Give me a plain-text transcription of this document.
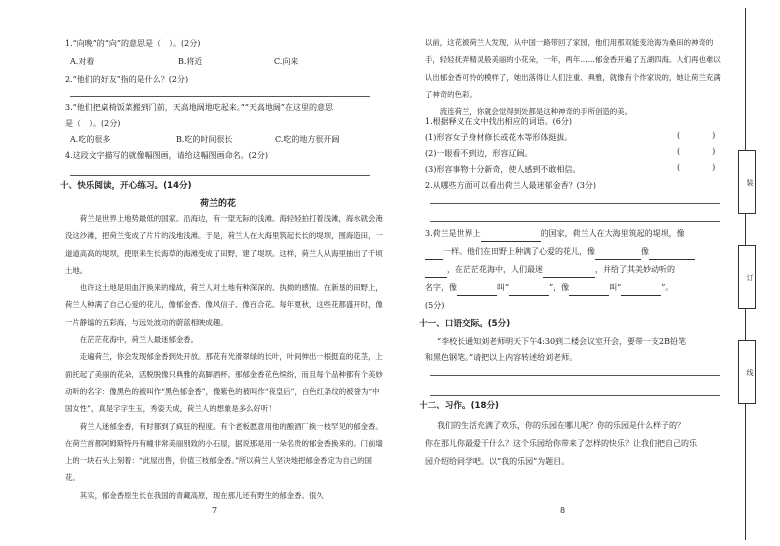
1.“向晚”的“向”的意思是（　）。(2分)
A.对着	B.将近	C.向来
2.“他们的好友”指的是什么？(2分)
3.“他们把桌椅饭菜搬到门前，天高地阔地吃起来。”“天高地阔”在这里的意思
是（　）。(2分)
A.吃的很多	B.吃的时间很长	C.吃的地方很开阔
4.这段文字描写的就像幅图画，请给这幅图画命名。(2分)
十、快乐阅读，开心练习。(14分)
荷兰的花

荷兰是世界上地势最低的国家。沿海边，有一望无际的浅滩。海轻轻拍打着浅滩，海水就会淹没这沙滩，把荷兰变成了片片的浅地浅滩。于是，荷兰人在大海里筑起长长的堤坝，围海造田，一道道高高的堤坝，使原来生长海草的海滩变成了田野，建了堤坝。这样，荷兰人从海里抽出了千顷土地。

也许这土地是用血汗换来的缘故，荷兰人对土地有种深深的、执拗的感情。在新垦的田野上，荷兰人种满了自己心爱的花儿，像郁金香、像风信子、像百合花。每年夏秋，这些花都盛开时，像一片静谧的五彩海，与远处波动的蔚蓝相映成趣。

在茫茫花海中，荷兰人最迷郁金香。

走遍荷兰，你会发现郁金香到处开放。那花有光滑翠绿的长叶，叶间伸出一根挺直的花茎，上面托起了美丽的花朵，活脱脱像只典雅的高脚酒杯。那郁金香花色缤纷，而且每个品种都有个美妙动听的名字：像黑色的被叫作“黑色郁金香”，像紫色的被叫作“夜皇后”，白色红条纹的被誉为“中国女性”，真是字字生玉，秀姿天成，荷兰人的想象是多么好听！

荷兰人迷郁金香，有时都到了疯狂的程度。有个老板愿意用他的酿酒厂换一枝罕见的郁金香。在荷兰首都阿姆斯特丹有幢非常美丽别致的小石屋，据说那是用一朵名贵的郁金香换来的。门前墙上的一块石头上刻着：“此屋出售，价值三枝郁金香。”所以荷兰人坚决地把郁金香定为自己的国花。

其实，郁金香原生长在我国的青藏高原，现在那儿还有野生的郁金香。很久

7

以前，这花被荷兰人发现，从中国一路带回了家园，他们用那双能变沧海为桑田的神奇的手，轻轻抚弄精灵般美丽的小花朵，一年，两年……郁金香开遍了五湖四海。人们再也难以认出郁金香可怜的模样了，她出落得让人们注重、典雅，就像有个作家说的，她让荷兰充满了神奇的色彩。

流连荷兰，你就会觉得到处都是这种神奇的手所创造的美。

1.根据释义在文中找出相应的词语。(6分)
(1)形容女子身材修长或花木等形体挺拔。	(　　　　)
(2)一眼看不到边，形容辽阔。	(　　　　)
(3)形容事物十分新奇，使人感到不敢相信。	(　　　　)
2.从哪些方面可以看出荷兰人最迷郁金香？(3分)
3.荷兰是世界上	的国家，荷兰人在大海里筑起的堤坝，像
一样。他们在田野上种满了心爱的花儿，像	像
，在茫茫花海中，人们最迷	，并给了其美妙动听的
名字，像	叫“	”，像	叫“	”。
(5分)
十一、口语交际。(5分)
“李校长通知刘老师明天下午4:30到二楼会议室开会，要带一支2B铅笔
和黑色钢笔。”请把以上内容转述给刘老师。
十二、习作。(18分)
我们的生活充满了欢乐，你的乐园在哪儿呢？你的乐园是什么样子的？
你在那儿你最爱干什么？这个乐园给你带来了怎样的快乐？让我们把自己的乐
园介绍给同学吧。以“我的乐园”为题目。
8
装
订
线
